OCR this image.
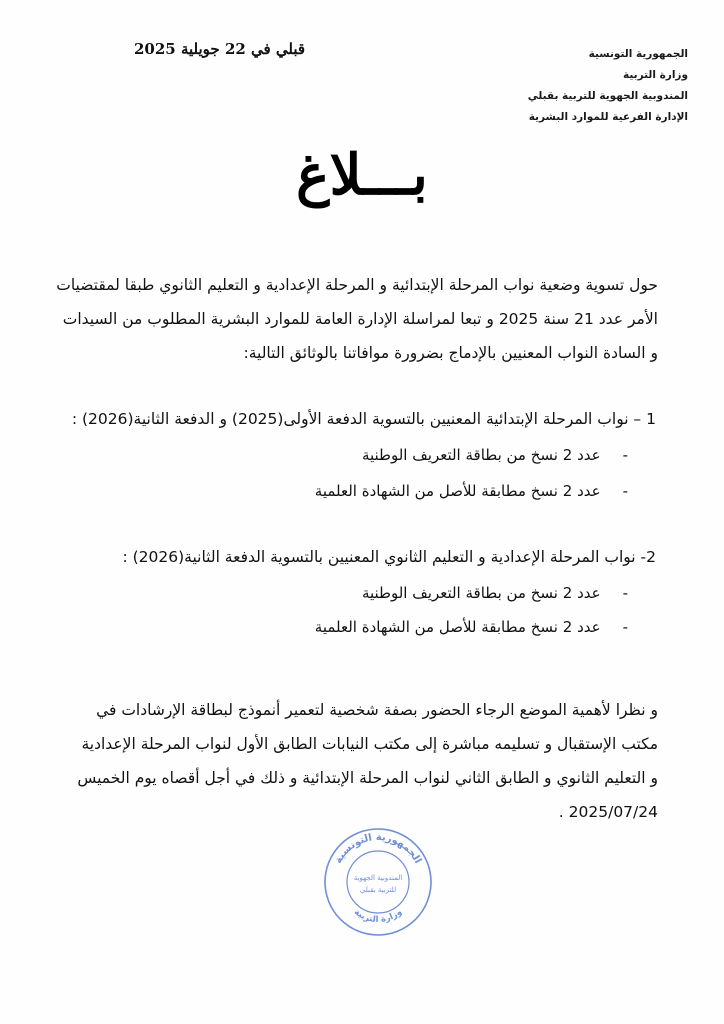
الجمهورية التونسية
وزارة التربية
المندوبية الجهوية للتربية بقبلي
الإدارة الفرعية للموارد البشرية
قبلي في 22 جويلية 2025
بـــلاغ
حول تسوية وضعية نواب المرحلة الإبتدائية و المرحلة الإعدادية و التعليم الثانوي طبقا لمقتضيات
الأمر عدد 21 سنة 2025 و تبعا لمراسلة الإدارة العامة للموارد البشرية المطلوب من السيدات
و السادة النواب المعنيين بالإدماج بضرورة موافاتنا بالوثائق التالية:
1 – نواب المرحلة الإبتدائية المعنيين بالتسوية الدفعة الأولى(2025) و الدفعة الثانية(2026) :
-عدد 2 نسخ من بطاقة التعريف الوطنية
-عدد 2 نسخ مطابقة للأصل من الشهادة العلمية
2- نواب المرحلة الإعدادية و التعليم الثانوي المعنيين بالتسوية الدفعة الثانية(2026) :
-عدد 2 نسخ من بطاقة التعريف الوطنية
-عدد 2 نسخ مطابقة للأصل من الشهادة العلمية
و نظرا لأهمية الموضع الرجاء الحضور بصفة شخصية لتعمير أنموذج لبطاقة الإرشادات في
مكتب الإستقبال و تسليمه مباشرة إلى مكتب النيابات الطابق الأول لنواب المرحلة الإعدادية
و التعليم الثانوي و الطابق الثاني لنواب المرحلة الإبتدائية و ذلك في أجل أقصاه يوم الخميس
2025/07/24 .
الجمهورية التونسية
وزارة التربية
المندوبية الجهوية
للتربية بقبلي
